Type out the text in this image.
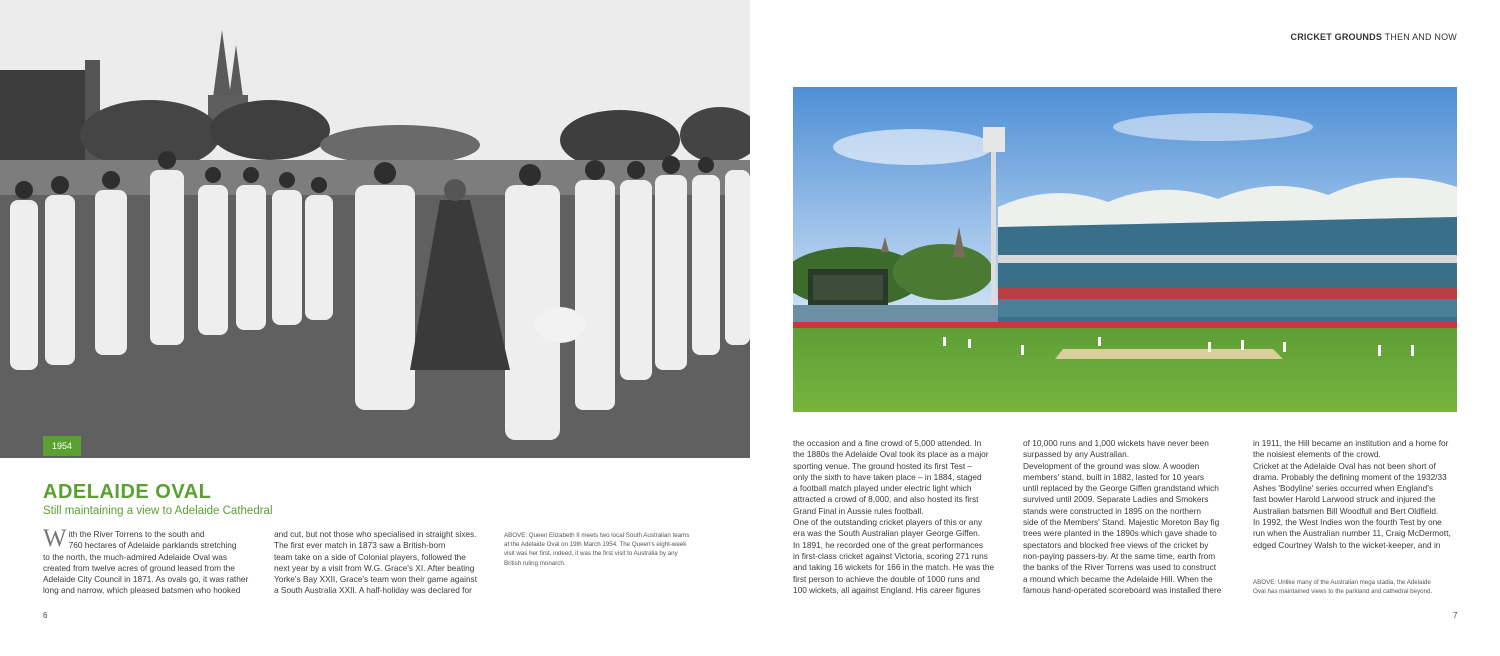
1954
CRICKET GROUNDS THEN AND NOW
ADELAIDE OVAL
Still maintaining a view to Adelaide Cathedral
With the River Torrens to the south and
760 hectares of Adelaide parklands stretching
to the north, the much-admired Adelaide Oval was
created from twelve acres of ground leased from the
Adelaide City Council in 1871. As ovals go, it was rather
long and narrow, which pleased batsmen who hooked
and cut, but not those who specialised in straight sixes.
The first ever match in 1873 saw a British-born
team take on a side of Colonial players, followed the
next year by a visit from W.G. Grace's XI. After beating
Yorke's Bay XXII, Grace's team won their game against
a South Australia XXII. A half-holiday was declared for
ABOVE: Queen Elizabeth II meets two local South Australian teams
at the Adelaide Oval on 19th March 1954. The Queen's eight-week
visit was her first, indeed, it was the first visit to Australia by any
British ruling monarch.
the occasion and a fine crowd of 5,000 attended. In
the 1880s the Adelaide Oval took its place as a major
sporting venue. The ground hosted its first Test –
only the sixth to have taken place – in 1884, staged
a football match played under electric light which
attracted a crowd of 8,000, and also hosted its first
Grand Final in Aussie rules football.
One of the outstanding cricket players of this or any
era was the South Australian player George Giffen.
In 1891, he recorded one of the great performances
in first-class cricket against Victoria, scoring 271 runs
and taking 16 wickets for 166 in the match. He was the
first person to achieve the double of 1000 runs and
100 wickets, all against England. His career figures
of 10,000 runs and 1,000 wickets have never been
surpassed by any Australian.
Development of the ground was slow. A wooden
members' stand, built in 1882, lasted for 10 years
until replaced by the George Giffen grandstand which
survived until 2009. Separate Ladies and Smokers
stands were constructed in 1895 on the northern
side of the Members' Stand. Majestic Moreton Bay fig
trees were planted in the 1890s which gave shade to
spectators and blocked free views of the cricket by
non-paying passers-by. At the same time, earth from
the banks of the River Torrens was used to construct
a mound which became the Adelaide Hill. When the
famous hand-operated scoreboard was installed there
in 1911, the Hill became an institution and a home for
the noisiest elements of the crowd.
Cricket at the Adelaide Oval has not been short of
drama. Probably the defining moment of the 1932/33
Ashes 'Bodyline' series occurred when England's
fast bowler Harold Larwood struck and injured the
Australian batsmen Bill Woodfull and Bert Oldfield.
In 1992, the West Indies won the fourth Test by one
run when the Australian number 11, Craig McDermott,
edged Courtney Walsh to the wicket-keeper, and in
ABOVE: Unlike many of the Australian mega stadia, the Adelaide
Oval has maintained views to the parkland and cathedral beyond.
6	7
